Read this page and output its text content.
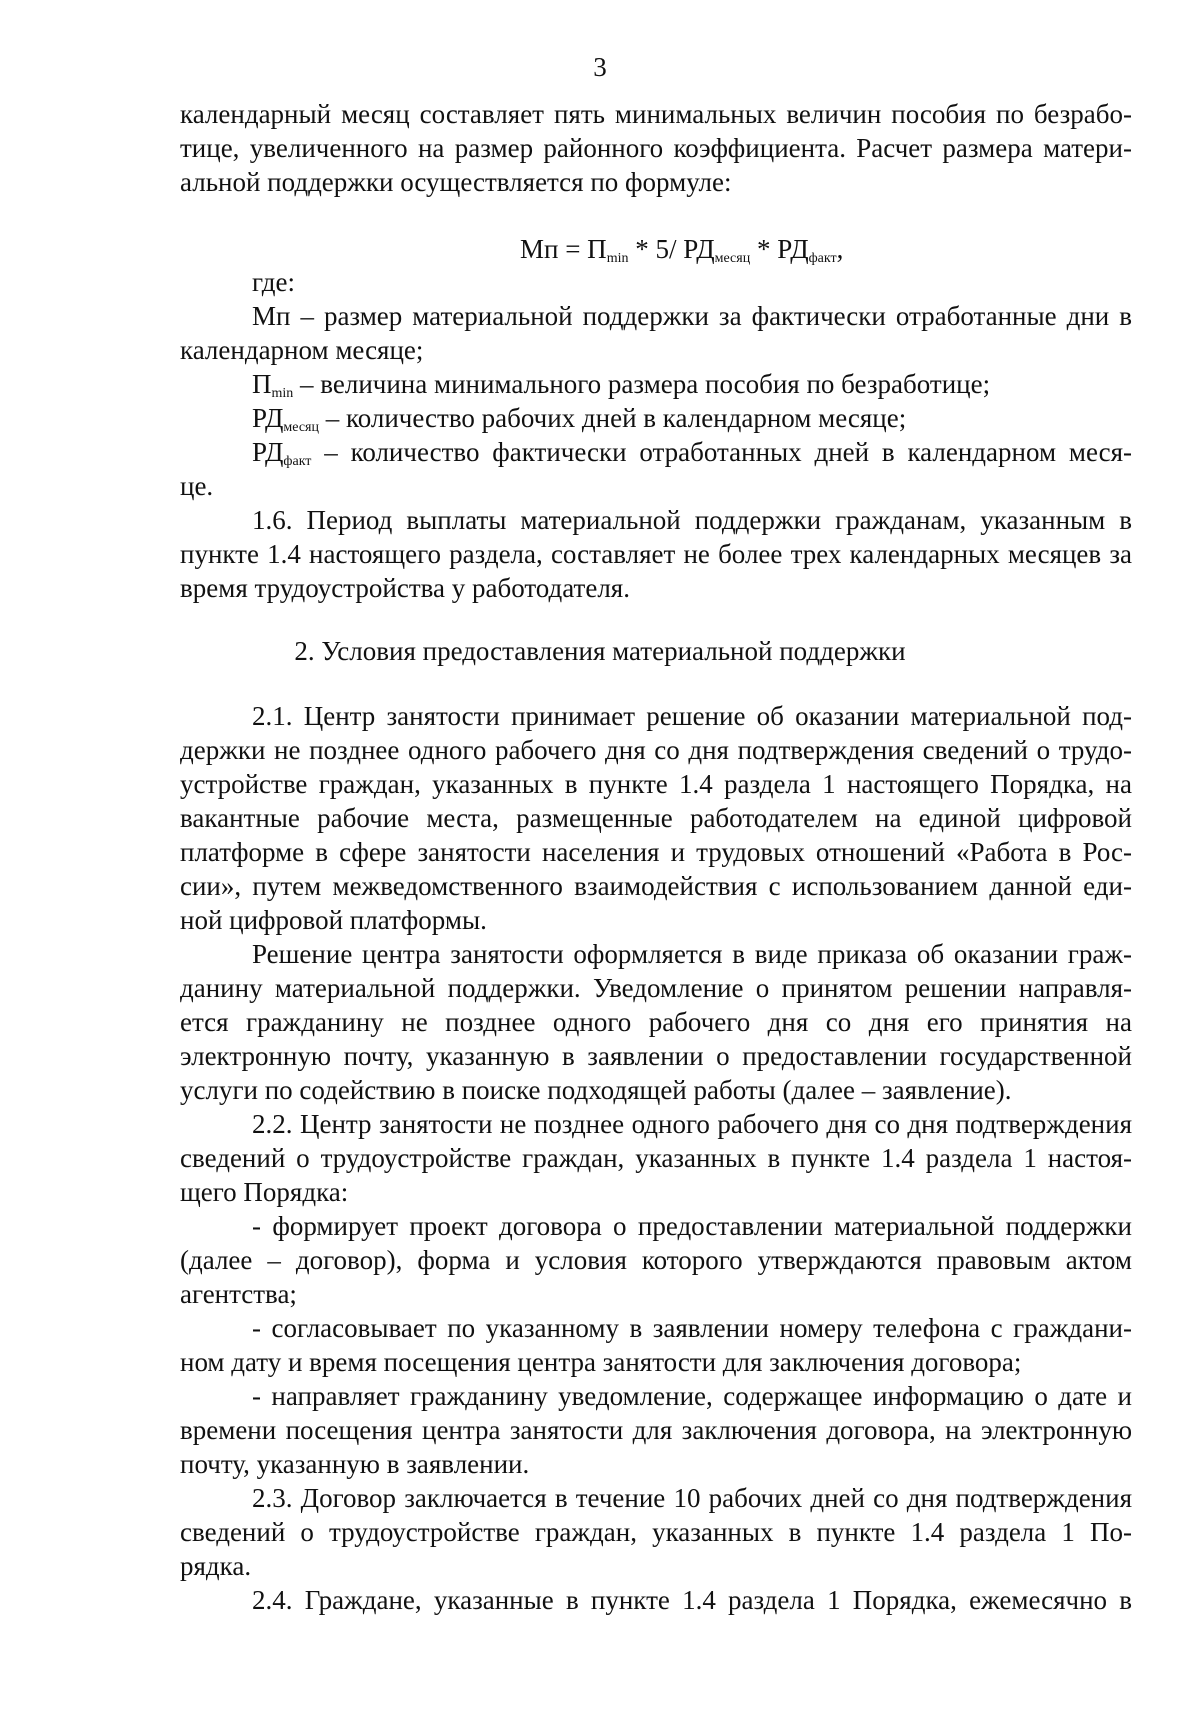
3
календарный месяц составляет пять минимальных величин пособия по безрабо-
тице, увеличенного на размер районного коэффициента. Расчет размера матери-
альной поддержки осуществляется по формуле:
Мп = $П_{min} * 5/$ $РД_{месяц} * РД_{факт}$,
где:
Мп – размер материальной поддержки за фактически отработанные дни в
календарном месяце;
$П_{min}$ – величина минимального размера пособия по безработице;
$РД_{месяц}$ – количество рабочих дней в календарном месяце;
$РД_{факт}$ – количество фактически отработанных дней в календарном меся-
це.
1.6. Период выплаты материальной поддержки гражданам, указанным в
пункте 1.4 настоящего раздела, составляет не более трех календарных месяцев за
время трудоустройства у работодателя.
2. Условия предоставления материальной поддержки
2.1. Центр занятости принимает решение об оказании материальной под-
держки не позднее одного рабочего дня со дня подтверждения сведений о трудо-
устройстве граждан, указанных в пункте 1.4 раздела 1 настоящего Порядка, на
вакантные рабочие места, размещенные работодателем на единой цифровой
платформе в сфере занятости населения и трудовых отношений «Работа в Рос-
сии», путем межведомственного взаимодействия с использованием данной еди-
ной цифровой платформы.
Решение центра занятости оформляется в виде приказа об оказании граж-
данину материальной поддержки. Уведомление о принятом решении направля-
ется гражданину не позднее одного рабочего дня со дня его принятия на
электронную почту, указанную в заявлении о предоставлении государственной
услуги по содействию в поиске подходящей работы (далее – заявление).
2.2. Центр занятости не позднее одного рабочего дня со дня подтверждения
сведений о трудоустройстве граждан, указанных в пункте 1.4 раздела 1 настоя-
щего Порядка:
- формирует проект договора о предоставлении материальной поддержки
(далее – договор), форма и условия которого утверждаются правовым актом
агентства;
- согласовывает по указанному в заявлении номеру телефона с граждани-
ном дату и время посещения центра занятости для заключения договора;
- направляет гражданину уведомление, содержащее информацию о дате и
времени посещения центра занятости для заключения договора, на электронную
почту, указанную в заявлении.
2.3. Договор заключается в течение 10 рабочих дней со дня подтверждения
сведений о трудоустройстве граждан, указанных в пункте 1.4 раздела 1 По-
рядка.
2.4. Граждане, указанные в пункте 1.4 раздела 1 Порядка, ежемесячно в
